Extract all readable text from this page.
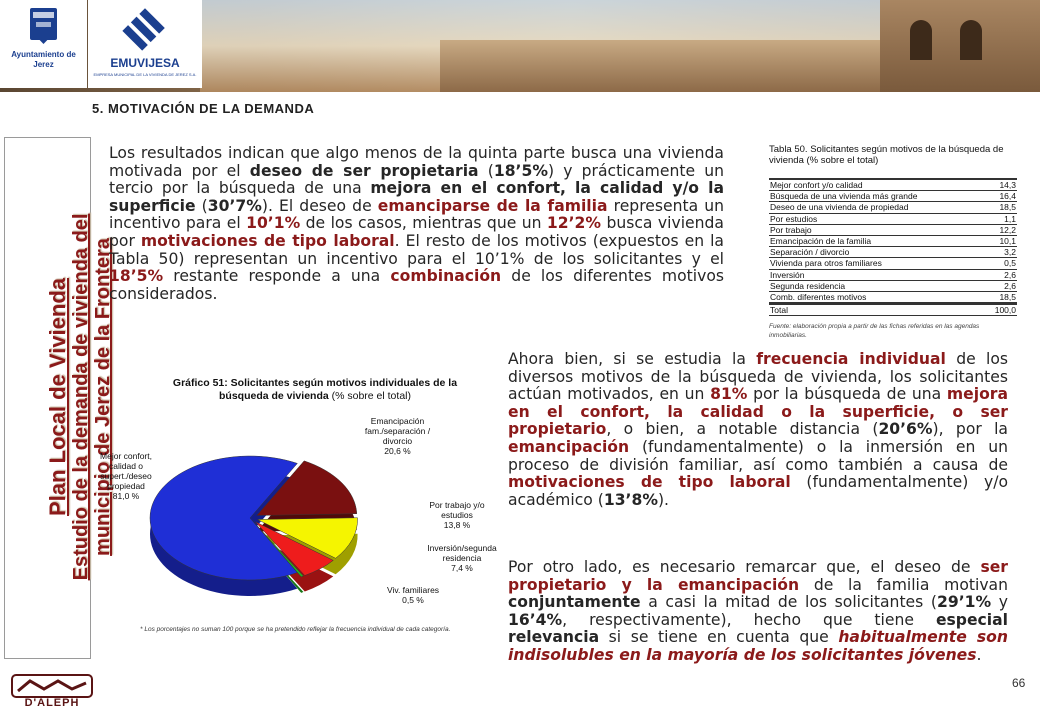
Ayuntamiento de Jerez	EMUVIJESA
EMPRESA MUNICIPAL DE LA VIVIENDA DE JEREZ S.A.
5. MOTIVACIÓN DE LA DEMANDA
Plan Local de Vivienda Estudio de la demanda de vivienda del municipio de Jerez de la Frontera
Los resultados indican que algo menos de la quinta parte busca una vivienda motivada por el deseo de ser propietaria (18’5%) y prácticamente un tercio por la búsqueda de una mejora en el confort, la calidad y/o la superficie (30’7%). El deseo de emanciparse de la familia representa un incentivo para el 10’1% de los casos, mientras que un 12’2% busca vivienda por motivaciones de tipo laboral. El resto de los motivos (expuestos en la Tabla 50) representan un incentivo para el 10’1% de los solicitantes y el 18’5% restante responde a una combinación de los diferentes motivos considerados.
Tabla 50. Solicitantes según motivos de la búsqueda de vivienda (% sobre el total)
Mejor confort y/o calidad	14,3
Búsqueda de una vivienda más grande	16,4
Deseo de una vivienda de propiedad	18,5
Por estudios	1,1
Por trabajo	12,2
Emancipación de la familia	10,1
Separación / divorcio	3,2
Vivienda para otros familiares	0,5
Inversión	2,6
Segunda residencia	2,6
Comb. diferentes motivos	18,5
Total	100,0
Fuente: elaboración propia a partir de las fichas referidas en las agendas inmobiliarias.
Gráfico 51: Solicitantes según motivos individuales de la búsqueda de vivienda (% sobre el total)
Mejor confort, calidad o supert./deseo propiedad
81,0 %
Emancipación fam./separación / divorcio
20,6 %
Por trabajo y/o estudios
13,8 %
Inversión/segunda residencia
7,4 %
Viv. familiares
0,5 %
* Los porcentajes no suman 100 porque se ha pretendido reflejar la frecuencia individual de cada categoría.
Ahora bien, si se estudia la frecuencia individual de los diversos motivos de la búsqueda de vivienda, los solicitantes actúan motivados, en un 81% por la búsqueda de una mejora en el confort, la calidad o la superficie, o ser propietario, o bien, a notable distancia (20’6%), por la emancipación (fundamentalmente) o la inmersión en un proceso de división familiar, así como también a causa de motivaciones de tipo laboral (fundamentalmente) y/o académico (13’8%).
Por otro lado, es necesario remarcar que, el deseo de ser propietario y la emancipación de la familia motivan conjuntamente a casi la mitad de los solicitantes (29’1% y 16’4%, respectivamente), hecho que tiene especial relevancia si se tiene en cuenta que habitualmente son indisolubles en la mayoría de los solicitantes jóvenes.
D'ALEPH
66
